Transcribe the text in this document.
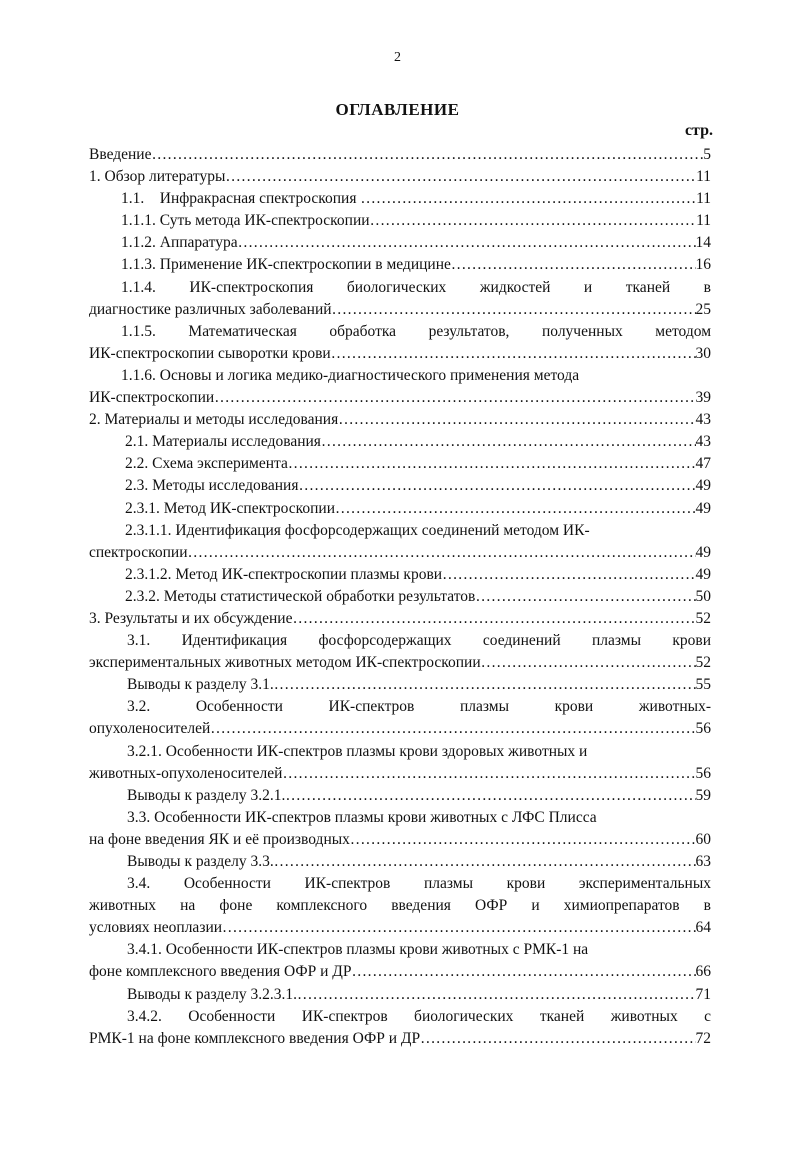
2
ОГЛАВЛЕНИЕ
стр.
Введение …………………………………………………………………………………………………………………………………………………………………………………………	5
1. Обзор литературы …………………………………………………………………………………………………………………………………………………………………………………………	11
1.1.    Инфракрасная спектроскопия …………………………………………………………………………………………………………………………………………………………………………………………	11
1.1.1. Суть метода ИК-спектроскопии …………………………………………………………………………………………………………………………………………………………………………………………	11
1.1.2. Аппаратура …………………………………………………………………………………………………………………………………………………………………………………………	14
1.1.3. Применение ИК-спектроскопии в медицине …………………………………………………………………………………………………………………………………………………………………………………………	16
1.1.4.   ИК-спектроскопия   биологических   жидкостей   и   тканей   в
диагностике различных заболеваний …………………………………………………………………………………………………………………………………………………………………………………………	25
1.1.5.  Математическая  обработка  результатов,  полученных  методом
ИК-спектроскопии сыворотки крови …………………………………………………………………………………………………………………………………………………………………………………………	30
1.1.6. Основы и логика медико-диагностического применения метода
ИК-спектроскопии …………………………………………………………………………………………………………………………………………………………………………………………	39
2. Материалы и методы исследования …………………………………………………………………………………………………………………………………………………………………………………………	43
2.1. Материалы исследования …………………………………………………………………………………………………………………………………………………………………………………………	43
2.2. Схема эксперимента …………………………………………………………………………………………………………………………………………………………………………………………	47
2.3. Методы исследования …………………………………………………………………………………………………………………………………………………………………………………………	49
2.3.1. Метод ИК-спектроскопии …………………………………………………………………………………………………………………………………………………………………………………………	49
2.3.1.1. Идентификация фосфорсодержащих соединений методом ИК-
спектроскопии …………………………………………………………………………………………………………………………………………………………………………………………	49
2.3.1.2. Метод ИК-спектроскопии плазмы крови …………………………………………………………………………………………………………………………………………………………………………………………	49
2.3.2. Методы статистической обработки результатов …………………………………………………………………………………………………………………………………………………………………………………………	50
3. Результаты и их обсуждение …………………………………………………………………………………………………………………………………………………………………………………………	52
3.1.  Идентификация  фосфорсодержащих  соединений  плазмы  крови
экспериментальных животных методом ИК-спектроскопии …………………………………………………………………………………………………………………………………………………………………………………………	52
Выводы к разделу 3.1. …………………………………………………………………………………………………………………………………………………………………………………………	55
3.2.      Особенности      ИК-спектров      плазмы      крови      животных-
опухоленосителей …………………………………………………………………………………………………………………………………………………………………………………………	56
3.2.1. Особенности ИК-спектров плазмы крови здоровых животных и
животных-опухоленосителей …………………………………………………………………………………………………………………………………………………………………………………………	56
Выводы к разделу 3.2.1. …………………………………………………………………………………………………………………………………………………………………………………………	59
3.3. Особенности ИК-спектров плазмы крови животных с ЛФС Плисса
на фоне введения ЯК и её производных …………………………………………………………………………………………………………………………………………………………………………………………	60
Выводы к разделу 3.3. …………………………………………………………………………………………………………………………………………………………………………………………	63
3.4.  Особенности  ИК-спектров  плазмы  крови  экспериментальных
животных  на  фоне  комплексного  введения  ОФР  и  химиопрепаратов  в
условиях неоплазии …………………………………………………………………………………………………………………………………………………………………………………………	64
3.4.1. Особенности ИК-спектров плазмы крови животных с РМК-1 на
фоне комплексного введения ОФР и ДР …………………………………………………………………………………………………………………………………………………………………………………………	66
Выводы к разделу 3.2.3.1. …………………………………………………………………………………………………………………………………………………………………………………………	71
3.4.2.  Особенности  ИК-спектров  биологических  тканей  животных  с
РМК-1 на фоне комплексного введения ОФР и ДР …………………………………………………………………………………………………………………………………………………………………………………………	72
